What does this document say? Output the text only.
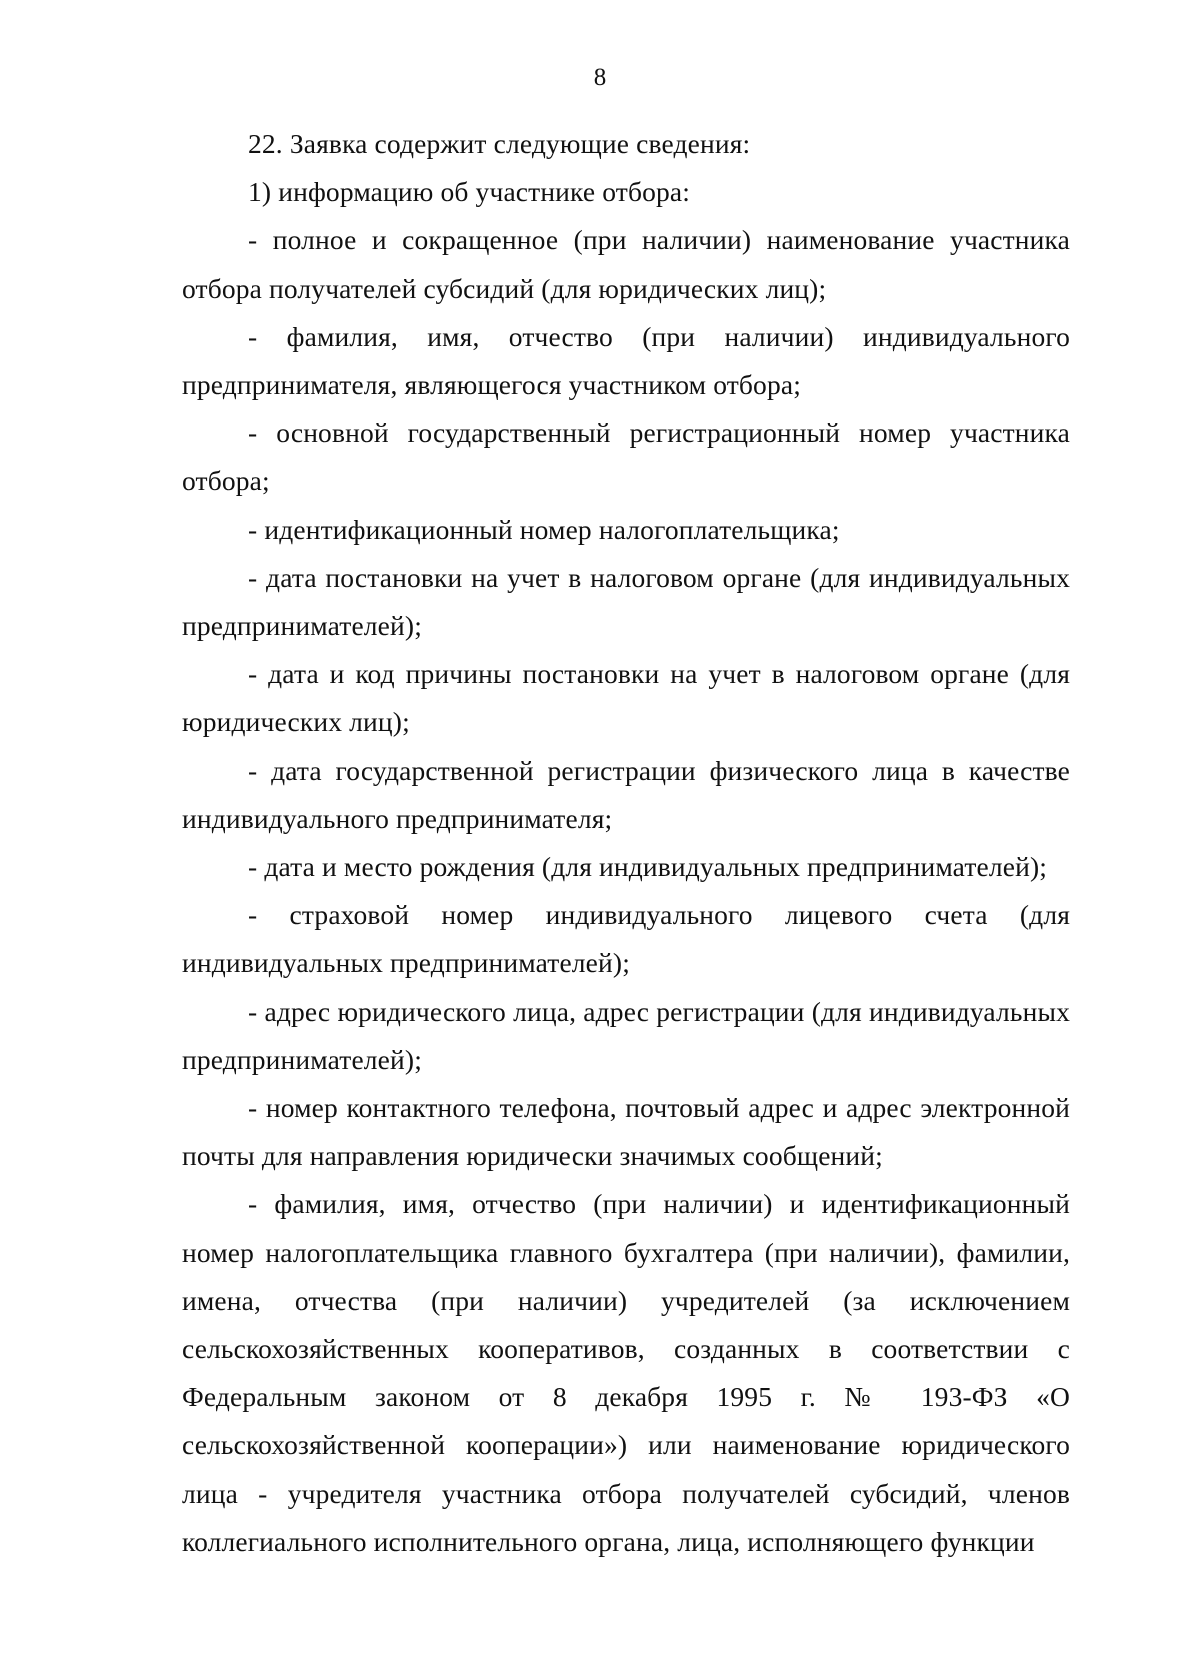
8

22. Заявка содержит следующие сведения:

1) информацию об участнике отбора:

- полное и сокращенное (при наличии) наименование участника отбора получателей субсидий (для юридических лиц);

- фамилия, имя, отчество (при наличии) индивидуального предпринимателя, являющегося участником отбора;

- основной государственный регистрационный номер участника отбора;

- идентификационный номер налогоплательщика;

- дата постановки на учет в налоговом органе (для индивидуальных предпринимателей);

- дата и код причины постановки на учет в налоговом органе (для юридических лиц);

- дата государственной регистрации физического лица в качестве индивидуального предпринимателя;

- дата и место рождения (для индивидуальных предпринимателей);

- страховой номер индивидуального лицевого счета (для индивидуальных предпринимателей);

- адрес юридического лица, адрес регистрации (для индивидуальных предпринимателей);

- номер контактного телефона, почтовый адрес и адрес электронной почты для направления юридически значимых сообщений;

- фамилия, имя, отчество (при наличии) и идентификационный номер налогоплательщика главного бухгалтера (при наличии), фамилии, имена, отчества (при наличии) учредителей (за исключением сельскохозяйственных кооперативов, созданных в соответствии с Федеральным законом от 8 декабря 1995 г. № 193-ФЗ «О сельскохозяйственной кооперации») или наименование юридического лица - учредителя участника отбора получателей субсидий, членов коллегиального исполнительного органа, лица, исполняющего функции
